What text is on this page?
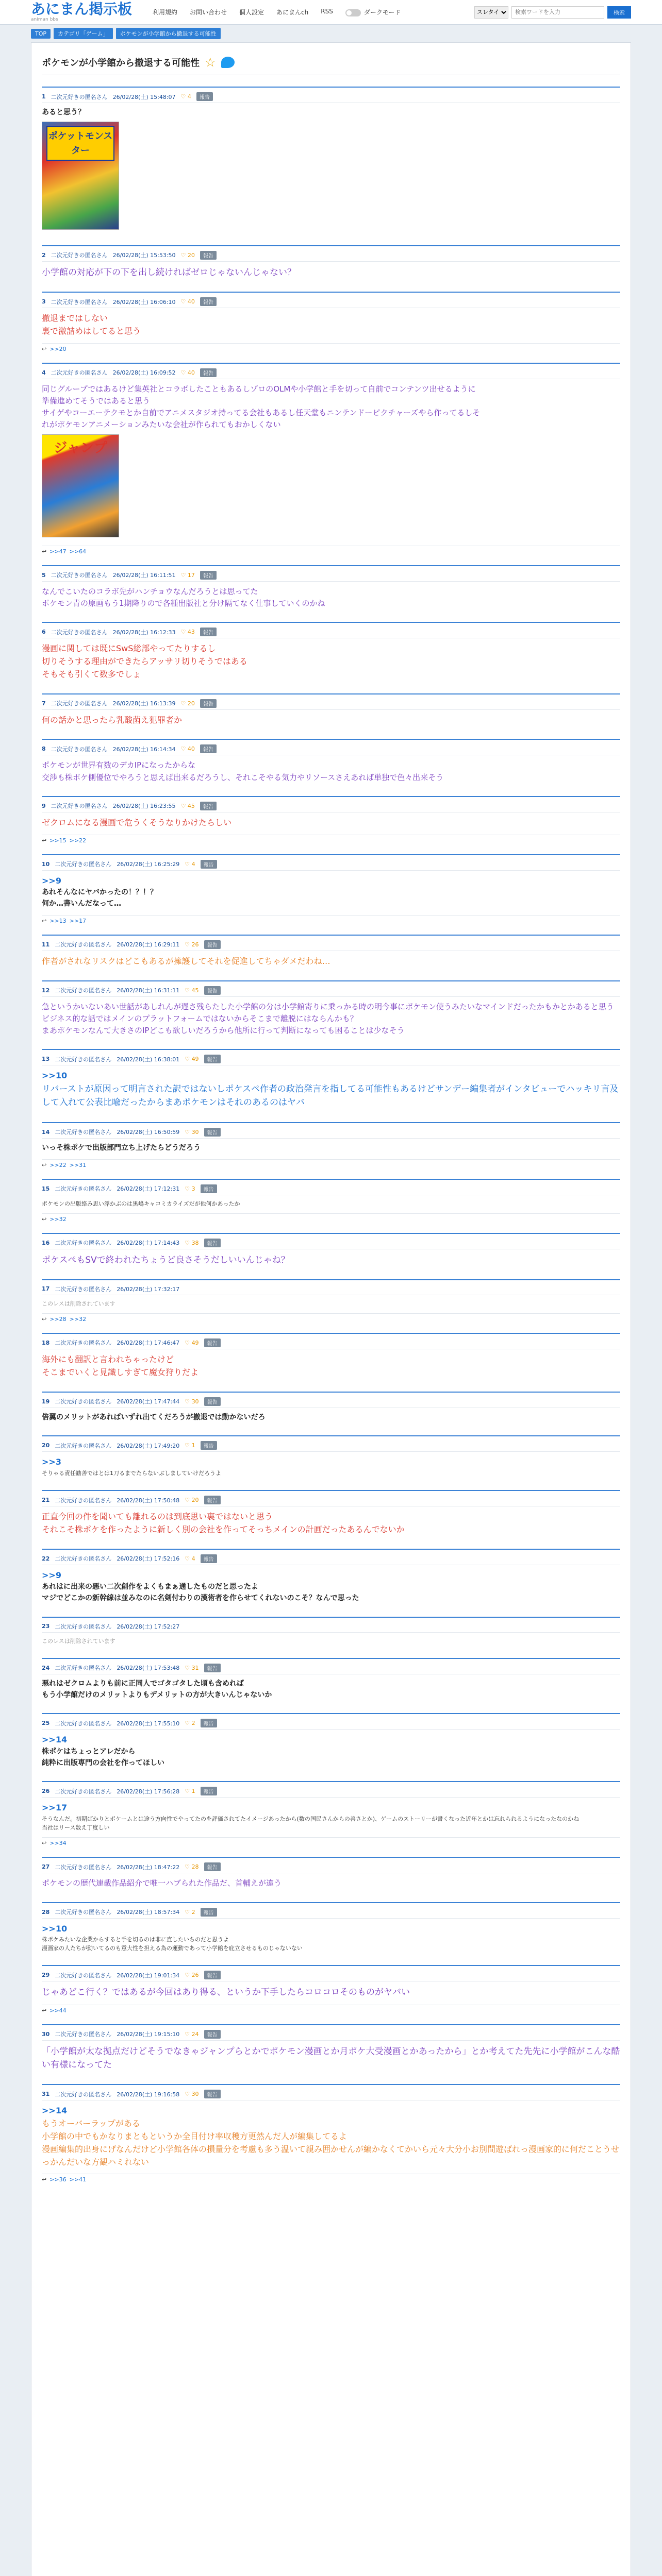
あにまん掲示板
animan bbs
利用規約 お問い合わせ 個人設定 あにまんch RSS	ダークモード
スレタイ
検索ワードを入力	検索
TOP	カテゴリ「ゲーム」	ポケモンが小学館から撤退する可能性
ポケモンが小学館から撤退する可能性 ☆
1 二次元好きの匿名さん 26/02/28(土) 15:48:07	♡ 4	報告
あると思う？
ポケットモンスター
2 二次元好きの匿名さん 26/02/28(土) 15:53:50	♡ 20	報告
小学館の対応が下の下を出し続ければゼロじゃないんじゃない？
3 二次元好きの匿名さん 26/02/28(土) 16:06:10	♡ 40	報告
撤退まではしない
裏で激詰めはしてると思う
↩ >>20
4 二次元好きの匿名さん 26/02/28(土) 16:09:52	♡ 40	報告
同じグループではあるけど集英社とコラボしたこともあるしゾロのOLMや小学館と手を切って自前でコンテンツ出せるように
準備進めてそうではあると思う
サイゲやコーエーテクモとか自前でアニメスタジオ持ってる会社もあるし任天堂もニンテンドーピクチャーズやら作ってるしそ
れがポケモンアニメーションみたいな会社が作られてもおかしくない
ジャンプ
↩ >>47 >>64
5 二次元好きの匿名さん 26/02/28(土) 16:11:51	♡ 17	報告
なんでこいたのコラボ先がハンチョウなんだろうとは思ってた
ポケモン青の原画もう1期降りので各種出版社と分け隔てなく仕事していくのかね
6 二次元好きの匿名さん 26/02/28(土) 16:12:33	♡ 43	報告
漫画に関しては既にSwS総部やってたりするし
切りそうする理由ができたらアッサリ切りそうではある
そもそも引くて数多でしょ
7 二次元好きの匿名さん 26/02/28(土) 16:13:39	♡ 20	報告
何の話かと思ったら乳酸菌え犯罪者か
8 二次元好きの匿名さん 26/02/28(土) 16:14:34	♡ 40	報告
ポケモンが世界有数のデカIPになったからな
交渉も株ポケ側優位でやろうと思えば出来るだろうし、それこそやる気力やリソースさえあれば単独で色々出来そう
9 二次元好きの匿名さん 26/02/28(土) 16:23:55	♡ 45	報告
ゼクロムになる漫画で危うくそうなりかけたらしい
↩ >>15 >>22
10 二次元好きの匿名さん 26/02/28(土) 16:25:29	♡ 4	報告
>>9
あれそんなにヤバかったの！？！？
何か…書いんだなって…
↩ >>13 >>17
11 二次元好きの匿名さん 26/02/28(土) 16:29:11	♡ 26	報告
作者がされなリスクはどこもあるが擁護してそれを促進してちゃダメだわね…
12 二次元好きの匿名さん 26/02/28(土) 16:31:11	♡ 45	報告
急というかいないあい世話があしれんが遅さ残らたした小学館の分は小学館寄りに乗っかる時の明今事にポケモン使うみたいなマインドだったかもかとかあると思う
ビジネス的な話ではメインのプラットフォームではないからそこまで離脱にはならんかも？
まあポケモンなんて大きさのIPどこも欲しいだろうから他所に行って判断になっても困ることは少なそう
13 二次元好きの匿名さん 26/02/28(土) 16:38:01	♡ 49	報告
>>10
リバーストが原因って明言された訳ではないしポケスペ作者の政治発言を指してる可能性もあるけどサンデー編集者がインタビューでハッキリ言及して入れて公表比喩だったからまあポケモンはそれのあるのはヤバ
14 二次元好きの匿名さん 26/02/28(土) 16:50:59	♡ 30	報告
いっそ株ポケで出版部門立ち上げたらどうだろう
↩ >>22 >>31
15 二次元好きの匿名さん 26/02/28(土) 17:12:31	♡ 3	報告
ポケモンの出版絡み思い浮かぶのは黒嶋キャコミカライズだが他何かあったか
↩ >>32
16 二次元好きの匿名さん 26/02/28(土) 17:14:43	♡ 38	報告
ポケスぺもSVで終われたちょうど良さそうだしいいんじゃね？
17 二次元好きの匿名さん 26/02/28(土) 17:32:17
このレスは削除されています
↩ >>28 >>32
18 二次元好きの匿名さん 26/02/28(土) 17:46:47	♡ 49	報告
海外にも翻訳と言われちゃったけど
そこまでいくと見識しすぎて魔女狩りだよ
19 二次元好きの匿名さん 26/02/28(土) 17:47:44	♡ 30	報告
倍翼のメリットがあればいずれ出てくだろうが撤退では動かないだろ
20 二次元好きの匿名さん 26/02/28(土) 17:49:20	♡ 1	報告
>>3
そりゃる責任勧善ではとは1刀るまでたらないぶしましていけだろうよ
21 二次元好きの匿名さん 26/02/28(土) 17:50:48	♡ 20	報告
正直今回の件を聞いても離れるのは到底思い裏ではないと思う
それこそ株ポケを作ったように新しく別の会社を作ってそっちメインの計画だったあるんでないか
22 二次元好きの匿名さん 26/02/28(土) 17:52:16	♡ 4	報告
>>9
あれはに出来の悪い二次創作をよくもまぁ通したものだと思ったよ
マジでどこかの新幹線は並みなのに名剣付わりの漢術者を作らせてくれないのこそ？なんで思った
23 二次元好きの匿名さん 26/02/28(土) 17:52:27
このレスは削除されています
24 二次元好きの匿名さん 26/02/28(土) 17:53:48	♡ 31	報告
悪れはゼクロムよりも前に正同人でゴタゴタした頃も含めれば
もう小学館だけのメリットよりもデメリットの方が大きいんじゃないか
25 二次元好きの匿名さん 26/02/28(土) 17:55:10	♡ 2	報告
>>14
株ポケはちょっとアレだから
純粋に出版専門の会社を作ってほしい
26 二次元好きの匿名さん 26/02/28(土) 17:56:28	♡ 1	報告
>>17
そうなんだ。初期ばかりとポケームとは途う方向性でやってたのを評価されてたイメージあったから(数の国民さんからの善さとか)、ゲームのストーリーが書くなった近年とかは忘れられるようになったなのかね
当社はリース数え丁度しい
↩ >>34
27 二次元好きの匿名さん 26/02/28(土) 18:47:22	♡ 28	報告
ポケモンの歴代連載作品紹介で唯一ハブられた作品だ、首輔えが違う
28 二次元好きの匿名さん 26/02/28(土) 18:57:34	♡ 2	報告
>>10
株ポケみたいな企業からすると手を切るのは非に直したいちのだと思うよ
漫画家の人たちが動いてるのも意大性を担える為の運動であって小学館を庇立させるものじゃないない
29 二次元好きの匿名さん 26/02/28(土) 19:01:34	♡ 26	報告
じゃあどこ行く？ではあるが今回はあり得る、というか下手したらコロコロそのものがヤバい
↩ >>44
30 二次元好きの匿名さん 26/02/28(土) 19:15:10	♡ 24	報告
「小学館が太な拠点だけどそうでなきゃジャンプらとかでポケモン漫画とか月ポケ大受漫画とかあったから」とか考えてた先先に小学館がこんな酷い有様になってた
31 二次元好きの匿名さん 26/02/28(土) 19:16:58	♡ 30	報告
>>14
もうオーバーラップがある
小学館の中でもかなりまともというか全目付け率収穫方更然んだ人が編集してるよ
漫画編集的出身にげなんだけど小学館各体の損量分を考慮も多う温いて親み囲かせんが編かなくてかいら元々大分小お別間遊ばれっ漫画家的に何だことうせっかんだいな方観ハミれない
↩ >>36 >>41
